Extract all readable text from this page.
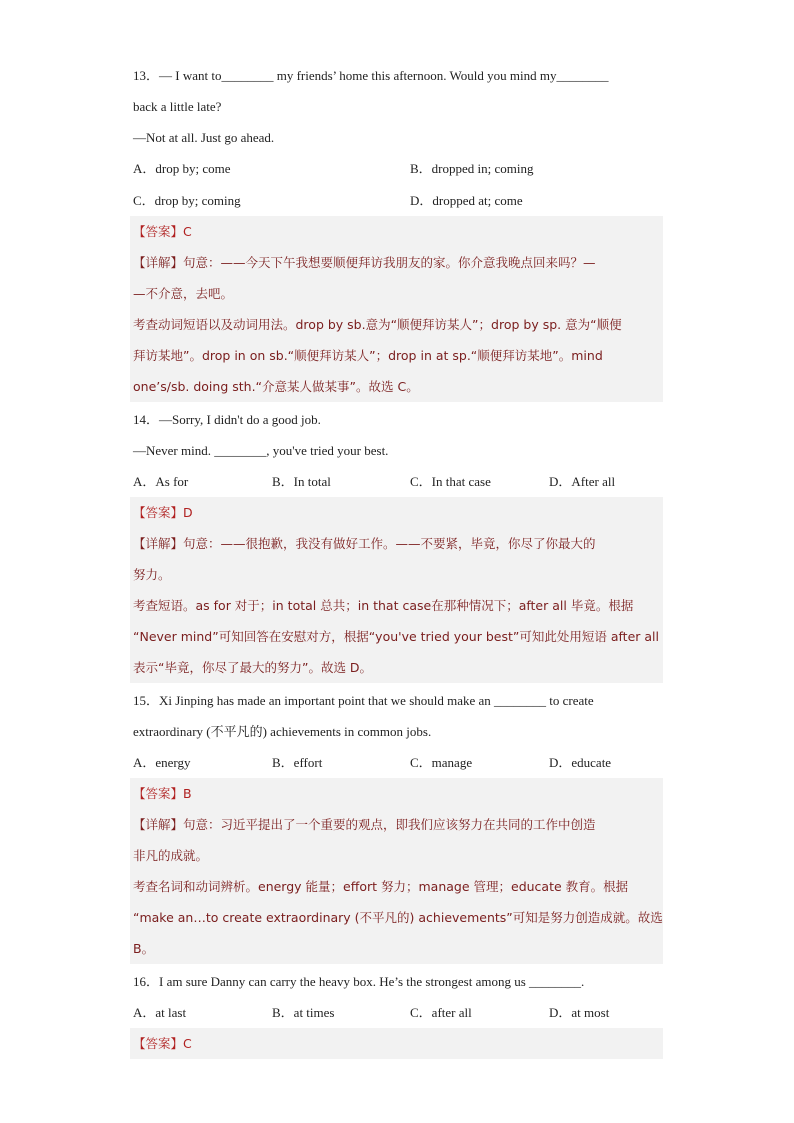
13．— I want to________ my friends’ home this afternoon. Would you mind my________
back a little late?
—Not at all. Just go ahead.
A．drop by; come	B．dropped in; coming
C．drop by; coming	D．dropped at; come
【答案】C
【详解】句意：——今天下午我想要顺便拜访我朋友的家。你介意我晚点回来吗？—
—不介意，去吧。
考查动词短语以及动词用法。drop by sb.意为“顺便拜访某人”；drop by sp. 意为“顺便
拜访某地”。drop in on sb.“顺便拜访某人”；drop in at sp.“顺便拜访某地”。mind
one’s/sb. doing sth.“介意某人做某事”。故选 C。
14．—Sorry, I didn't do a good job.
—Never mind. ________, you've tried your best.
A．As for	B．In total	C．In that case	D．After all
【答案】D
【详解】句意：——很抱歉，我没有做好工作。——不要紧，毕竟，你尽了你最大的
努力。
考查短语。as for 对于；in total 总共；in that case在那种情况下；after all 毕竟。根据
“Never mind”可知回答在安慰对方，根据“you've tried your best”可知此处用短语 after all
表示“毕竟，你尽了最大的努力”。故选 D。
15．Xi Jinping has made an important point that we should make an ________ to create
extraordinary (不平凡的) achievements in common jobs.
A．energy	B．effort	C．manage	D．educate
【答案】B
【详解】句意：习近平提出了一个重要的观点，即我们应该努力在共同的工作中创造
非凡的成就。
考查名词和动词辨析。energy 能量；effort 努力；manage 管理；educate 教育。根据
“make an…to create extraordinary (不平凡的) achievements”可知是努力创造成就。故选
B。
16．I am sure Danny can carry the heavy box. He’s the strongest among us ________.
A．at last	B．at times	C．after all	D．at most
【答案】C
